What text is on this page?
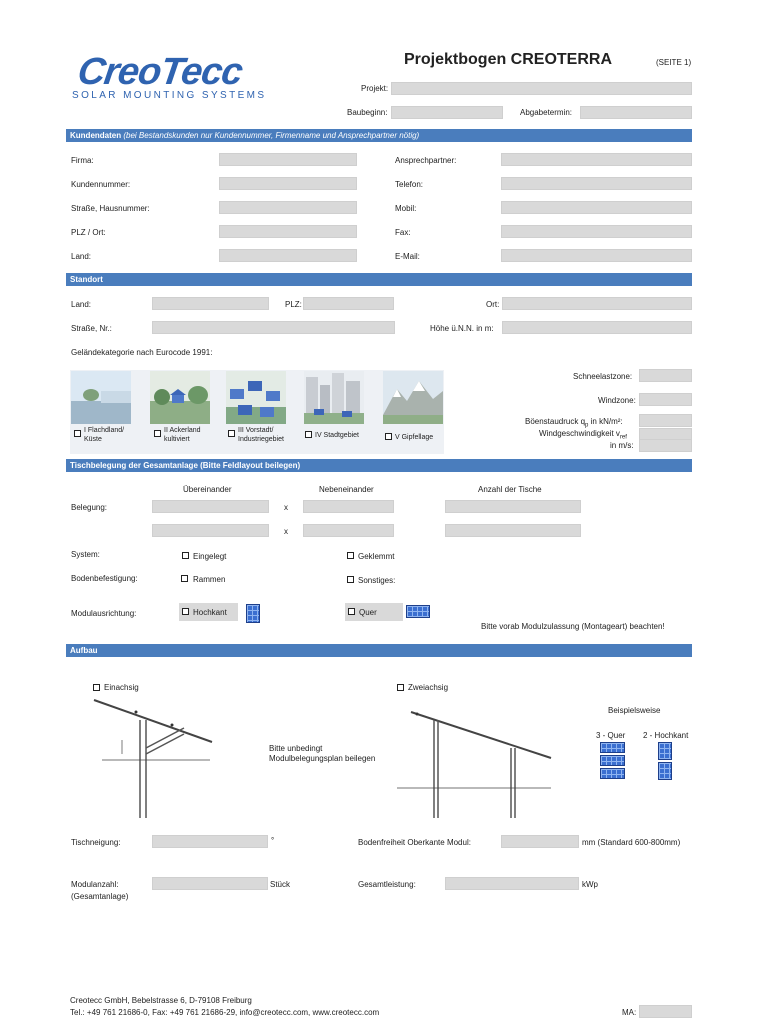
CreoTecc
SOLAR MOUNTING SYSTEMS
Projektbogen CREOTERRA	(SEITE 1)
Projekt:
Baubeginn:	Abgabetermin:
Kundendaten (bei Bestandskunden nur Kundennummer, Firmenname und Ansprechpartner nötig)
Firma:	Ansprechpartner:
Kundennummer:	Telefon:
Straße, Hausnummer:	Mobil:
PLZ / Ort:	Fax:
Land:	E-Mail:
Standort
Land:	PLZ:	Ort:
Straße, Nr.:	Höhe ü.N.N. in m:
Geländekategorie nach Eurocode 1991:
I Flachdland/
Küste
II Ackerland
kultiviert
III Vorstadt/
Industriegebiet
IV Stadtgebiet	V Gipfellage
Schneelastzone:
Windzone:
Böenstaudruck $q_p$ in kN/m²:
Windgeschwindigkeit $v_{ref}$
in m/s:
Tischbelegung der Gesamtanlage (Bitte Feldlayout beilegen)
Übereinander	Nebeneinander	Anzahl der Tische
Belegung:	x
x
System:	Eingelegt	Geklemmt
Bodenbefestigung:	Rammen	Sonstiges:
Modulausrichtung:	Hochkant	Quer
Bitte vorab Modulzulassung (Montageart) beachten!
Aufbau
Einachsig	Zweiachsig
Bitte unbedingt
Modulbelegungsplan beilegen
Beispielsweise
3 - Quer 2 - Hochkant
Tischneigung:	°	Bodenfreiheit Oberkante Modul:	mm (Standard 600-800mm)
Modulanzahl:
(Gesamtanlage)
Stück	Gesamtleistung:	kWp
Creotecc GmbH, Bebelstrasse 6, D-79108 Freiburg
Tel.: +49 761 21686-0, Fax: +49 761 21686-29, info@creotecc.com, www.creotecc.com	MA:
